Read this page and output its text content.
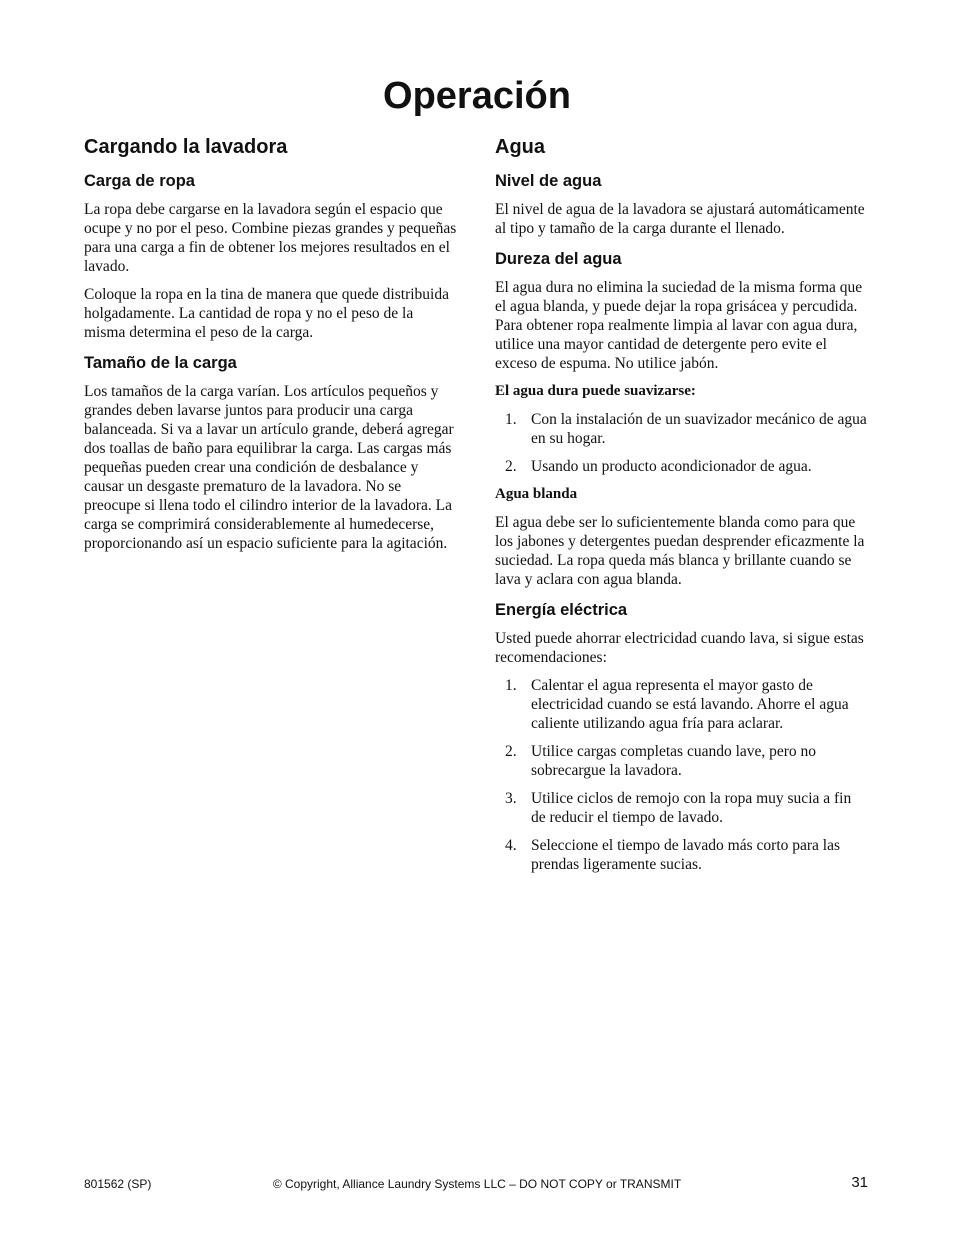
Operación
Cargando la lavadora
Carga de ropa

La ropa debe cargarse en la lavadora según el espacio que ocupe y no por el peso. Combine piezas grandes y pequeñas para una carga a fin de obtener los mejores resultados en el lavado.

Coloque la ropa en la tina de manera que quede distribuida holgadamente. La cantidad de ropa y no el peso de la misma determina el peso de la carga.

Tamaño de la carga

Los tamaños de la carga varían. Los artículos pequeños y grandes deben lavarse juntos para producir una carga balanceada. Si va a lavar un artículo grande, deberá agregar dos toallas de baño para equilibrar la carga. Las cargas más pequeñas pueden crear una condición de desbalance y causar un desgaste prematuro de la lavadora. No se preocupe si llena todo el cilindro interior de la lavadora. La carga se comprimirá considerablemente al humedecerse, proporcionando así un espacio suficiente para la agitación.

Agua
Nivel de agua

El nivel de agua de la lavadora se ajustará automáticamente al tipo y tamaño de la carga durante el llenado.

Dureza del agua

El agua dura no elimina la suciedad de la misma forma que el agua blanda, y puede dejar la ropa grisácea y percudida. Para obtener ropa realmente limpia al lavar con agua dura, utilice una mayor cantidad de detergente pero evite el exceso de espuma. No utilice jabón.

El agua dura puede suavizarse:

1. Con la instalación de un suavizador mecánico de agua en su hogar.
2. Usando un producto acondicionador de agua.

Agua blanda

El agua debe ser lo suficientemente blanda como para que los jabones y detergentes puedan desprender eficazmente la suciedad. La ropa queda más blanca y brillante cuando se lava y aclara con agua blanda.

Energía eléctrica

Usted puede ahorrar electricidad cuando lava, si sigue estas recomendaciones:

1. Calentar el agua representa el mayor gasto de electricidad cuando se está lavando. Ahorre el agua caliente utilizando agua fría para aclarar.
2. Utilice cargas completas cuando lave, pero no sobrecargue la lavadora.
3. Utilice ciclos de remojo con la ropa muy sucia a fin de reducir el tiempo de lavado.
4. Seleccione el tiempo de lavado más corto para las prendas ligeramente sucias.
801562 (SP)	© Copyright, Alliance Laundry Systems LLC – DO NOT COPY or TRANSMIT	31
